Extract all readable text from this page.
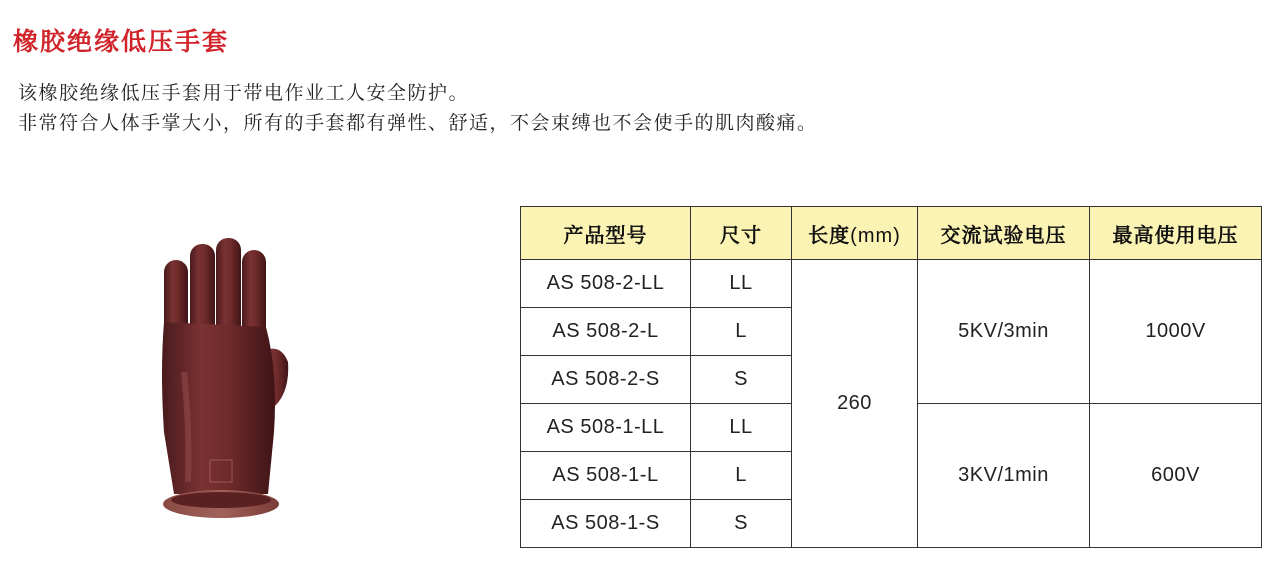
橡胶绝缘低压手套
该橡胶绝缘低压手套用于带电作业工人安全防护。
非常符合人体手掌大小，所有的手套都有弹性、舒适，不会束缚也不会使手的肌肉酸痛。
产品型号	尺寸	长度(mm)	交流试验电压	最高使用电压
AS 508-2-LL	LL	260	5KV/3min	1000V
AS 508-2-L	L			
AS 508-2-S	S			
AS 508-1-LL	LL		3KV/1min	600V
AS 508-1-L	L			
AS 508-1-S	S			
